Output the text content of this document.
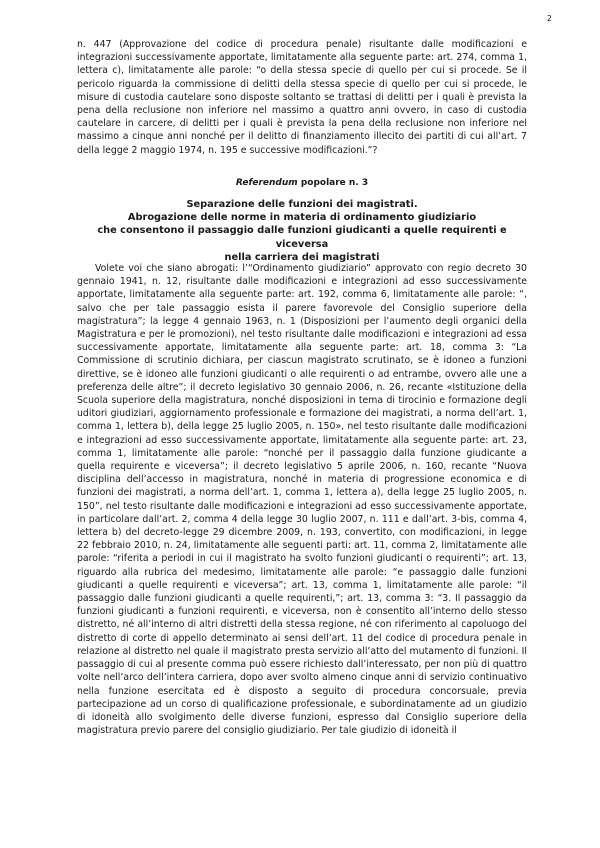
2

n. 447 (Approvazione del codice di procedura penale) risultante dalle modificazioni e integrazioni successivamente apportate, limitatamente alla seguente parte: art. 274, comma 1, lettera c), limitatamente alle parole: “o della stessa specie di quello per cui si procede. Se il pericolo riguarda la commissione di delitti della stessa specie di quello per cui si procede, le misure di custodia cautelare sono disposte soltanto se trattasi di delitti per i quali è prevista la pena della reclusione non inferiore nel massimo a quattro anni ovvero, in caso di custodia cautelare in carcere, di delitti per i quali è prevista la pena della reclusione non inferiore nel massimo a cinque anni nonché per il delitto di finanziamento illecito dei partiti di cui all’art. 7 della legge 2 maggio 1974, n. 195 e successive modificazioni.”?

Referendum popolare n. 3
Separazione delle funzioni dei magistrati.
Abrogazione delle norme in materia di ordinamento giudiziario
che consentono il passaggio dalle funzioni giudicanti a quelle requirenti e viceversa
nella carriera dei magistrati

Volete voi che siano abrogati: l’“Ordinamento giudiziario” approvato con regio decreto 30 gennaio 1941, n. 12, risultante dalle modificazioni e integrazioni ad esso successivamente apportate, limitatamente alla seguente parte: art. 192, comma 6, limitatamente alle parole: “, salvo che per tale passaggio esista il parere favorevole del Consiglio superiore della magistratura”; la legge 4 gennaio 1963, n. 1 (Disposizioni per l’aumento degli organici della Magistratura e per le promozioni), nel testo risultante dalle modificazioni e integrazioni ad essa successivamente apportate, limitatamente alla seguente parte: art. 18, comma 3: “La Commissione di scrutinio dichiara, per ciascun magistrato scrutinato, se è idoneo a funzioni direttive, se è idoneo alle funzioni giudicanti o alle requirenti o ad entrambe, ovvero alle une a preferenza delle altre”; il decreto legislativo 30 gennaio 2006, n. 26, recante «Istituzione della Scuola superiore della magistratura, nonché disposizioni in tema di tirocinio e formazione degli uditori giudiziari, aggiornamento professionale e formazione dei magistrati, a norma dell’art. 1, comma 1, lettera b), della legge 25 luglio 2005, n. 150», nel testo risultante dalle modificazioni e integrazioni ad esso successivamente apportate, limitatamente alla seguente parte: art. 23, comma 1, limitatamente alle parole: “nonché per il passaggio dalla funzione giudicante a quella requirente e viceversa”; il decreto legislativo 5 aprile 2006, n. 160, recante “Nuova disciplina dell’accesso in magistratura, nonché in materia di progressione economica e di funzioni dei magistrati, a norma dell’art. 1, comma 1, lettera a), della legge 25 luglio 2005, n. 150”, nel testo risultante dalle modificazioni e integrazioni ad esso successivamente apportate, in particolare dall’art. 2, comma 4 della legge 30 luglio 2007, n. 111 e dall’art. 3-bis, comma 4, lettera b) del decreto-legge 29 dicembre 2009, n. 193, convertito, con modificazioni, in legge 22 febbraio 2010, n. 24, limitatamente alle seguenti parti: art. 11, comma 2, limitatamente alle parole: “riferita a periodi in cui il magistrato ha svolto funzioni giudicanti o requirenti”; art. 13, riguardo alla rubrica del medesimo, limitatamente alle parole: “e passaggio dalle funzioni giudicanti a quelle requirenti e viceversa”; art. 13, comma 1, limitatamente alle parole: “il passaggio dalle funzioni giudicanti a quelle requirenti,”; art. 13, comma 3: “3. Il passaggio da funzioni giudicanti a funzioni requirenti, e viceversa, non è consentito all’interno dello stesso distretto, né all’interno di altri distretti della stessa regione, né con riferimento al capoluogo del distretto di corte di appello determinato ai sensi dell’art. 11 del codice di procedura penale in relazione al distretto nel quale il magistrato presta servizio all’atto del mutamento di funzioni. Il passaggio di cui al presente comma può essere richiesto dall’interessato, per non più di quattro volte nell’arco dell’intera carriera, dopo aver svolto almeno cinque anni di servizio continuativo nella funzione esercitata ed è disposto a seguito di procedura concorsuale, previa partecipazione ad un corso di qualificazione professionale, e subordinatamente ad un giudizio di idoneità allo svolgimento delle diverse funzioni, espresso dal Consiglio superiore della magistratura previo parere del consiglio giudiziario. Per tale giudizio di idoneità il
